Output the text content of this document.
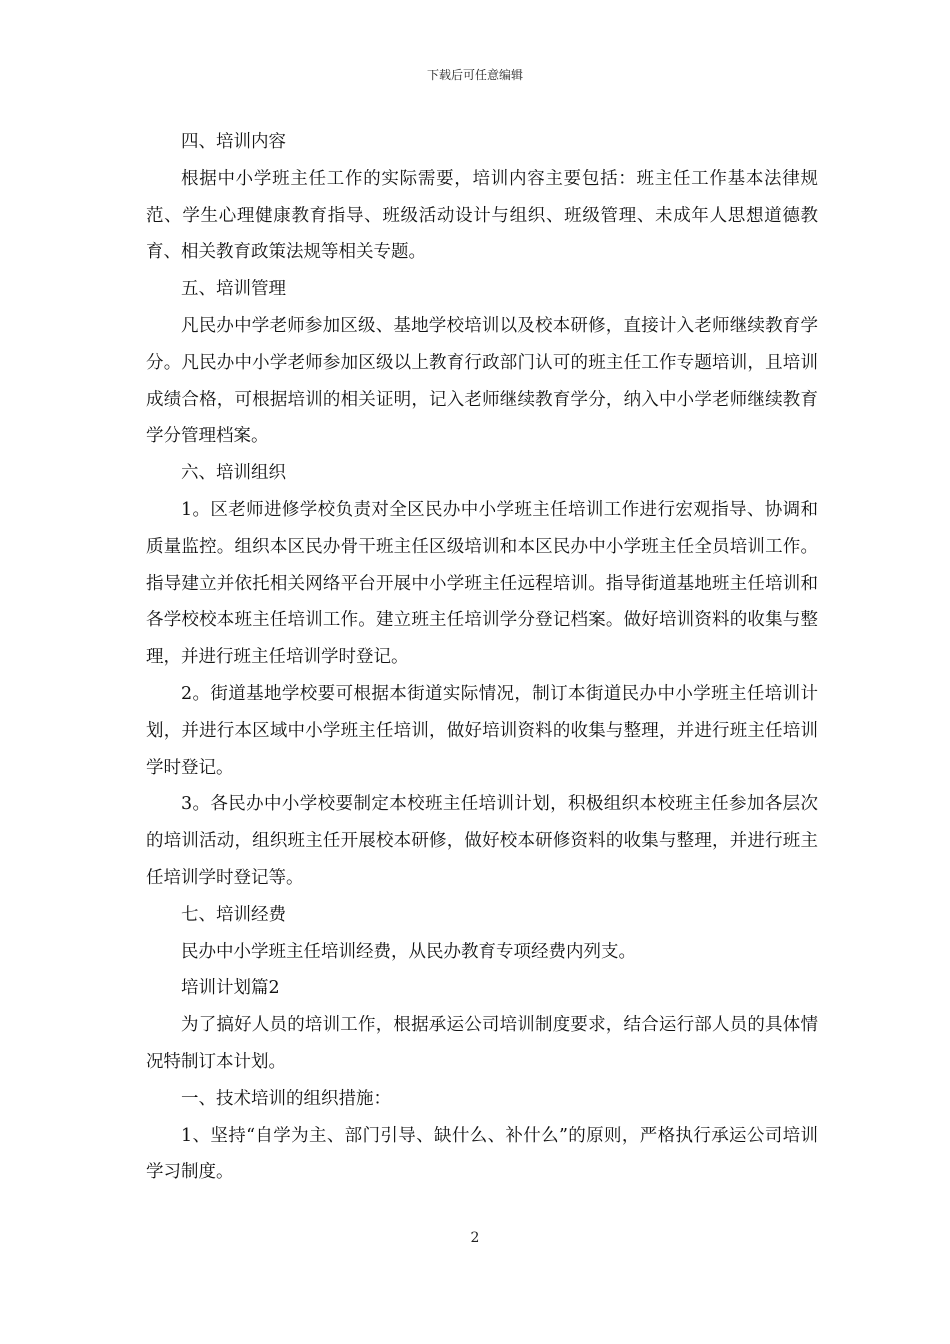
下载后可任意编辑

四、培训内容

根据中小学班主任工作的实际需要，培训内容主要包括：班主任工作基本法律规范、学生心理健康教育指导、班级活动设计与组织、班级管理、未成年人思想道德教育、相关教育政策法规等相关专题。

五、培训管理

凡民办中学老师参加区级、基地学校培训以及校本研修，直接计入老师继续教育学分。凡民办中小学老师参加区级以上教育行政部门认可的班主任工作专题培训，且培训成绩合格，可根据培训的相关证明，记入老师继续教育学分，纳入中小学老师继续教育学分管理档案。

六、培训组织

1。区老师进修学校负责对全区民办中小学班主任培训工作进行宏观指导、协调和质量监控。组织本区民办骨干班主任区级培训和本区民办中小学班主任全员培训工作。指导建立并依托相关网络平台开展中小学班主任远程培训。指导街道基地班主任培训和各学校校本班主任培训工作。建立班主任培训学分登记档案。做好培训资料的收集与整理，并进行班主任培训学时登记。

2。街道基地学校要可根据本街道实际情况，制订本街道民办中小学班主任培训计划，并进行本区域中小学班主任培训，做好培训资料的收集与整理，并进行班主任培训学时登记。

3。各民办中小学校要制定本校班主任培训计划，积极组织本校班主任参加各层次的培训活动，组织班主任开展校本研修，做好校本研修资料的收集与整理，并进行班主任培训学时登记等。

七、培训经费

民办中小学班主任培训经费，从民办教育专项经费内列支。

培训计划篇2

为了搞好人员的培训工作，根据承运公司培训制度要求，结合运行部人员的具体情况特制订本计划。

一、技术培训的组织措施：

1、坚持“自学为主、部门引导、缺什么、补什么”的原则，严格执行承运公司培训学习制度。

2
